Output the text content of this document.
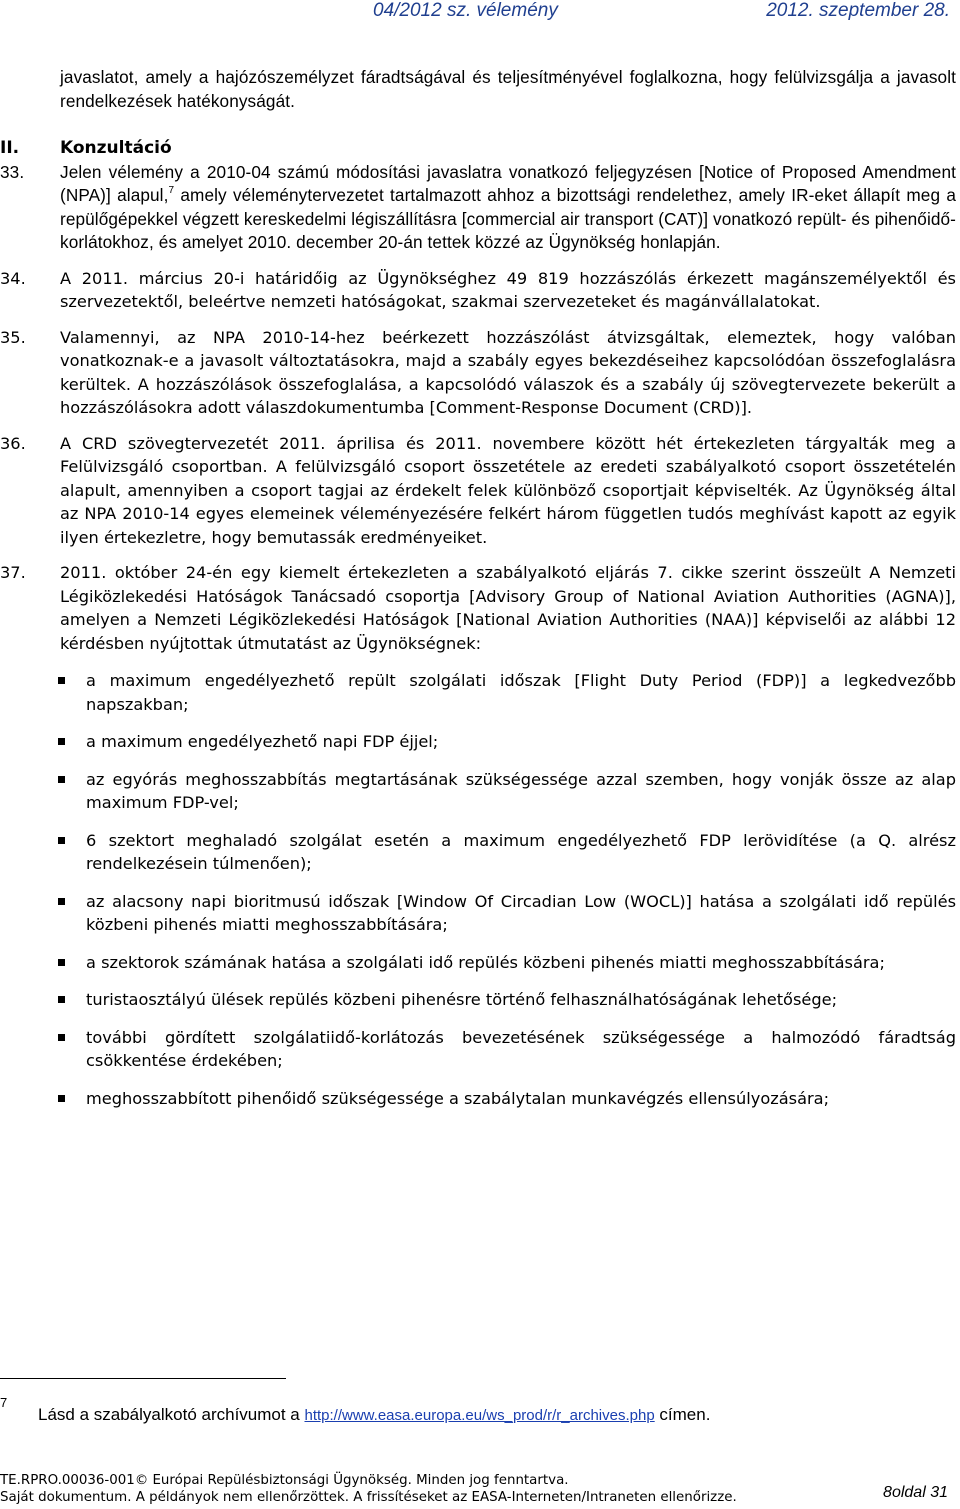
04/2012 sz. vélemény	2012. szeptember 28.
javaslatot, amely a hajózószemélyzet fáradtságával és teljesítményével foglalkozna, hogy felülvizsgálja a javasolt rendelkezések hatékonyságát.
II. Konzultáció
33. Jelen vélemény a 2010-04 számú módosítási javaslatra vonatkozó feljegyzésen [Notice of Proposed Amendment (NPA)] alapul,$^7$ amely véleménytervezetet tartalmazott ahhoz a bizottsági rendelethez, amely IR-eket állapít meg a repülőgépekkel végzett kereskedelmi légiszállításra [commercial air transport (CAT)] vonatkozó repült- és pihenőidő-korlátokhoz, és amelyet 2010. december 20-án tettek közzé az Ügynökség honlapján.
34. A 2011. március 20-i határidőig az Ügynökséghez 49 819 hozzászólás érkezett magánszemélyektől és szervezetektől, beleértve nemzeti hatóságokat, szakmai szervezeteket és magánvállalatokat.
35. Valamennyi, az NPA 2010-14-hez beérkezett hozzászólást átvizsgáltak, elemeztek, hogy valóban vonatkoznak-e a javasolt változtatásokra, majd a szabály egyes bekezdéseihez kapcsolódóan összefoglalásra kerültek. A hozzászólások összefoglalása, a kapcsolódó válaszok és a szabály új szövegtervezete bekerült a hozzászólásokra adott válaszdokumentumba [Comment-Response Document (CRD)].
36. A CRD szövegtervezetét 2011. áprilisa és 2011. novembere között hét értekezleten tárgyalták meg a Felülvizsgáló csoportban. A felülvizsgáló csoport összetétele az eredeti szabályalkotó csoport összetételén alapult, amennyiben a csoport tagjai az érdekelt felek különböző csoportjait képviselték. Az Ügynökség által az NPA 2010-14 egyes elemeinek véleményezésére felkért három független tudós meghívást kapott az egyik ilyen értekezletre, hogy bemutassák eredményeiket.
37. 2011. október 24-én egy kiemelt értekezleten a szabályalkotó eljárás 7. cikke szerint összeült A Nemzeti Légiközlekedési Hatóságok Tanácsadó csoportja [Advisory Group of National Aviation Authorities (AGNA)], amelyen a Nemzeti Légiközlekedési Hatóságok [National Aviation Authorities (NAA)] képviselői az alábbi 12 kérdésben nyújtottak útmutatást az Ügynökségnek:
a maximum engedélyezhető repült szolgálati időszak [Flight Duty Period (FDP)] a legkedvezőbb napszakban;
a maximum engedélyezhető napi FDP éjjel;
az egyórás meghosszabbítás megtartásának szükségessége azzal szemben, hogy vonják össze az alap maximum FDP-vel;
6 szektort meghaladó szolgálat esetén a maximum engedélyezhető FDP lerövidítése (a Q. alrész rendelkezésein túlmenően);
az alacsony napi bioritmusú időszak [Window Of Circadian Low (WOCL)] hatása a szolgálati idő repülés közbeni pihenés miatti meghosszabbítására;
a szektorok számának hatása a szolgálati idő repülés közbeni pihenés miatti meghosszabbítására;
turistaosztályú ülések repülés közbeni pihenésre történő felhasználhatóságának lehetősége;
további gördített szolgálatiidő-korlátozás bevezetésének szükségessége a halmozódó fáradtság csökkentése érdekében;
meghosszabbított pihenőidő szükségessége a szabálytalan munkavégzés ellensúlyozására;
7
Lásd a szabályalkotó archívumot a http://www.easa.europa.eu/ws_prod/r/r_archives.php címen.
TE.RPRO.00036-001© Európai Repülésbiztonsági Ügynökség. Minden jog fenntartva.
Saját dokumentum. A példányok nem ellenőrzöttek. A frissítéseket az EASA-Interneten/Intraneten ellenőrizze.	8oldal 31
